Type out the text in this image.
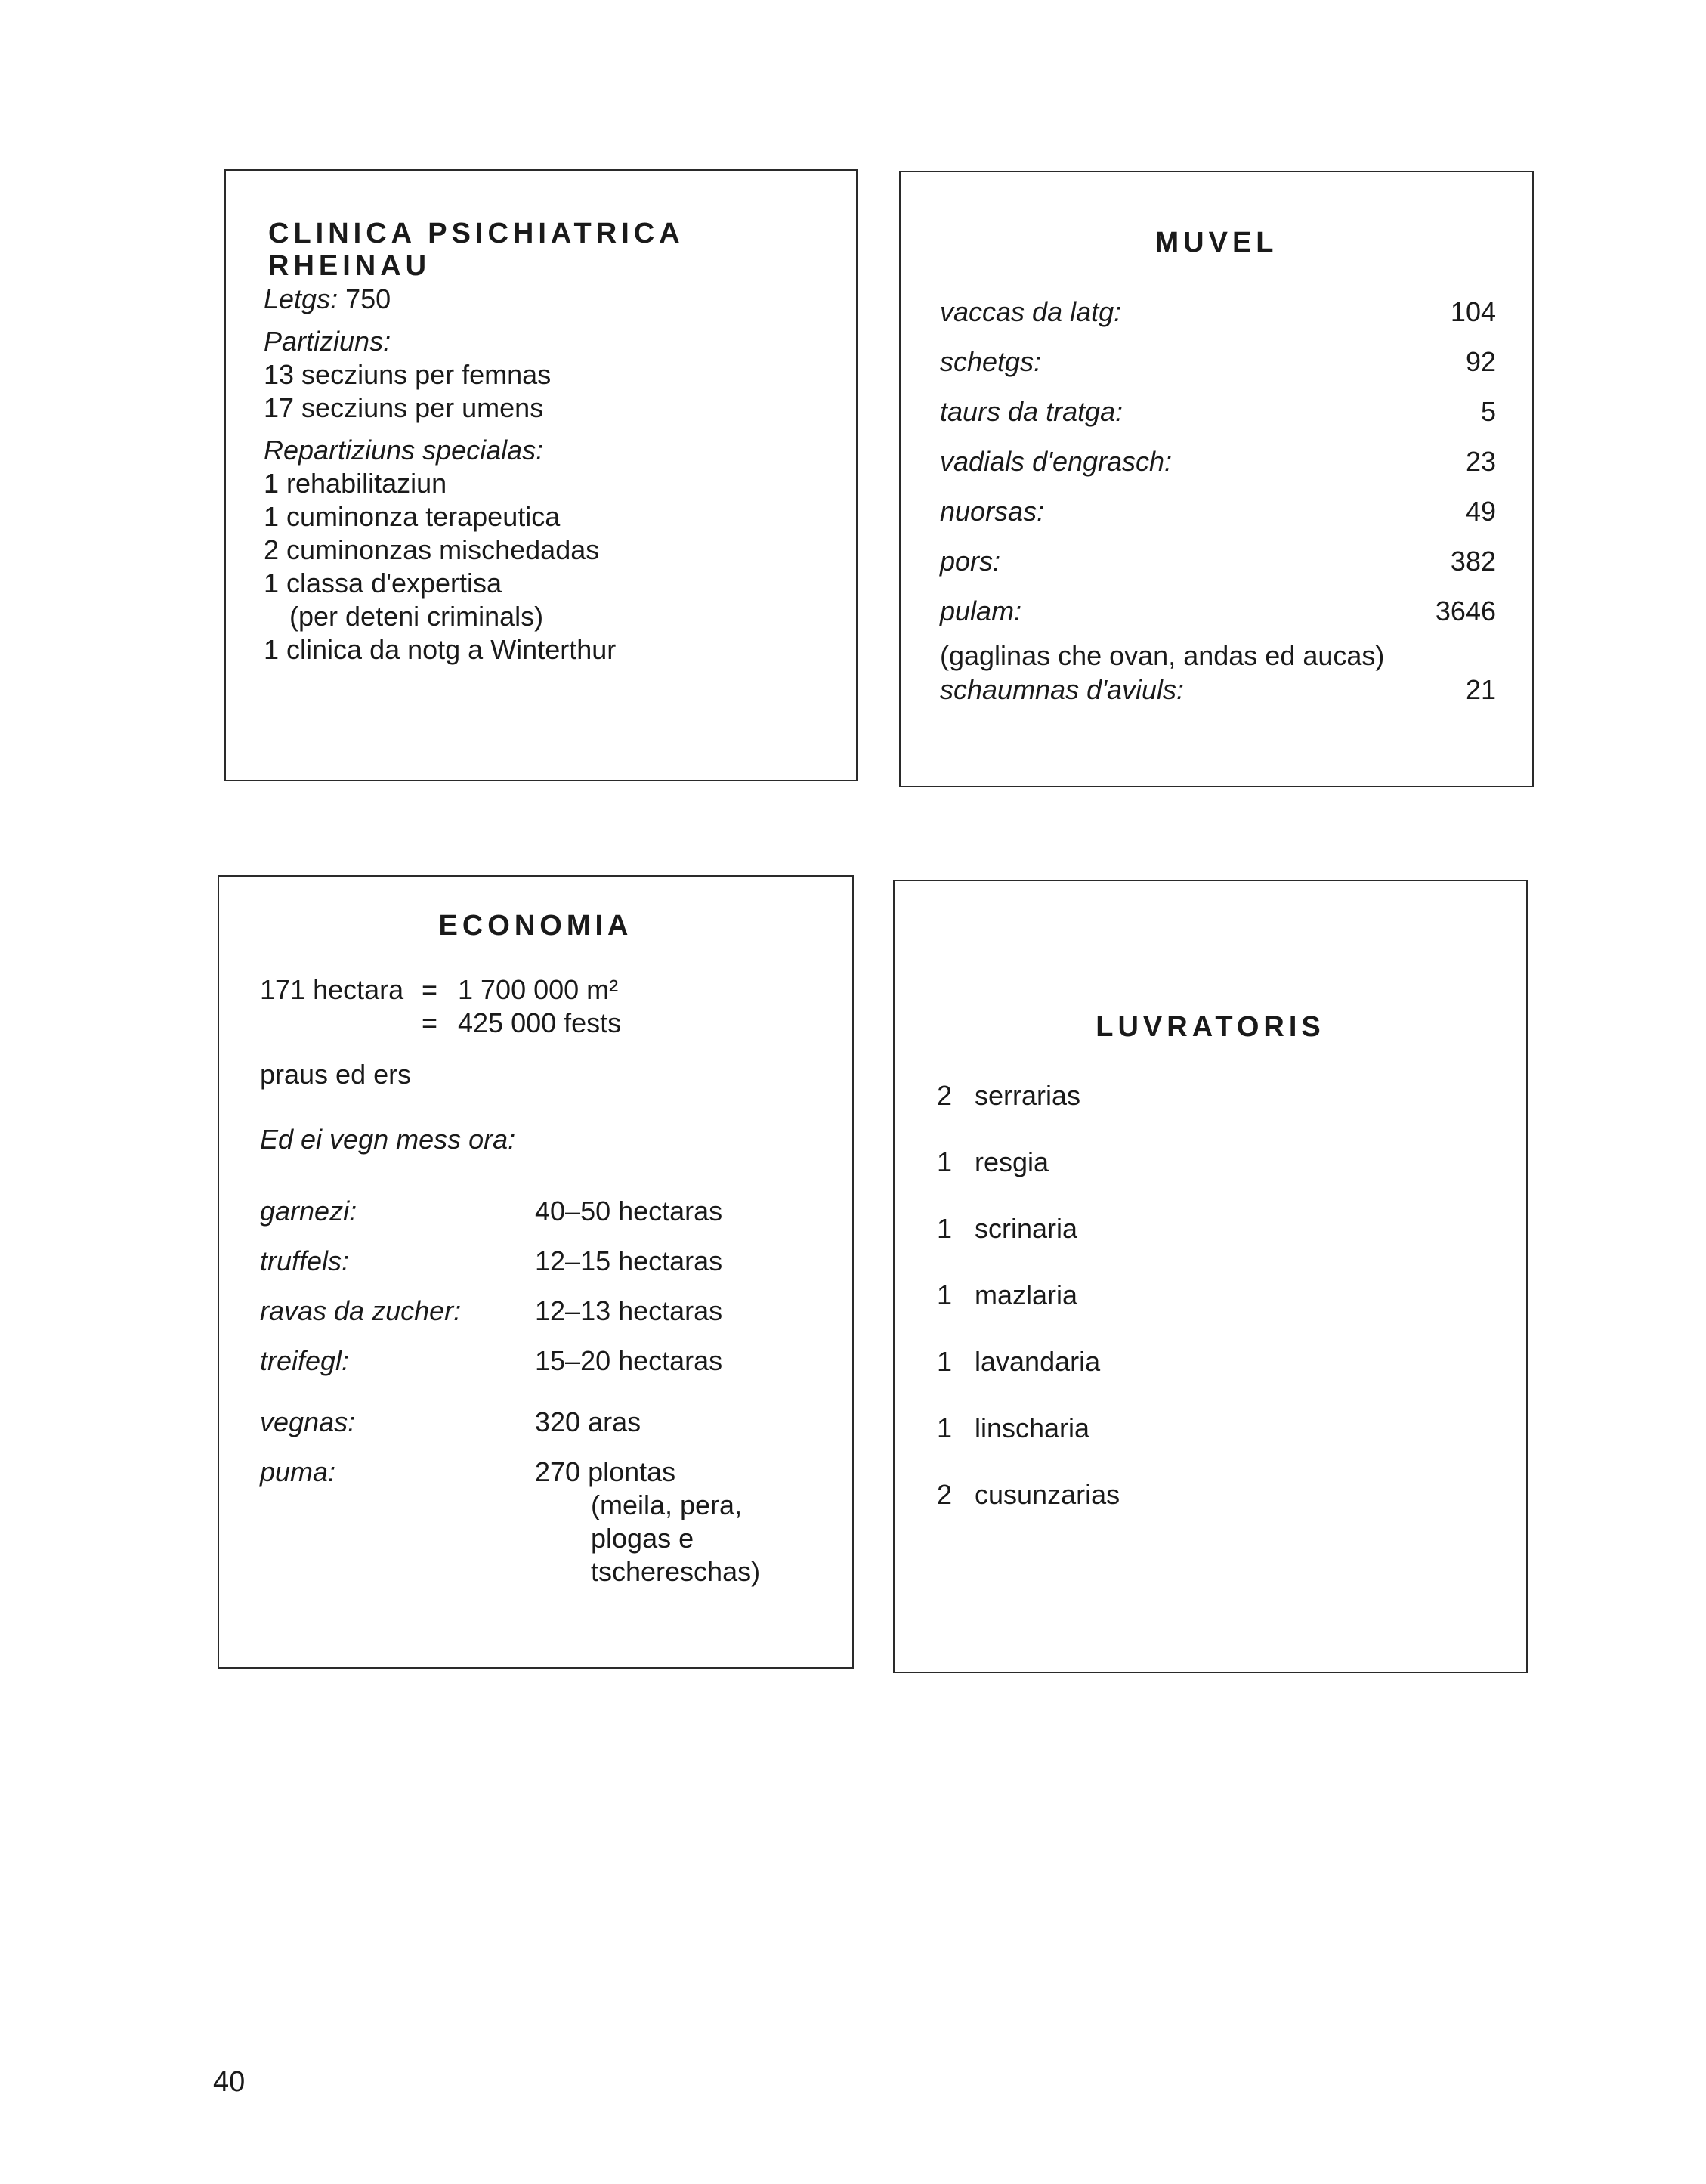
CLINICA PSICHIATRICA RHEINAU
Letgs: 750
Partiziuns:
13 secziuns per femnas
17 secziuns per umens
Repartiziuns specialas:
1 rehabilitaziun
1 cuminonza terapeutica
2 cuminonzas mischedadas
1 classa d'expertisa
(per deteni criminals)
1 clinica da notg a Winterthur
MUVEL
vaccas da latg:	104
schetgs:	92
taurs da tratga:	5
vadials d'engrasch:	23
nuorsas:	49
pors:	382
pulam:	3646
(gaglinas che ovan, andas ed aucas)
schaumnas d'aviuls:	21
ECONOMIA
171 hectara = 1 700 000 m²
= 425 000 fests
praus ed ers
Ed ei vegn mess ora:
garnezi:	40–50 hectaras
truffels:	12–15 hectaras
ravas da zucher:	12–13 hectaras
treifegl:	15–20 hectaras
vegnas:	320 aras
puma:	270 plontas
(meila, pera,
plogas e
tschereschas)
LUVRATORIS
2 serrarias
1 resgia
1 scrinaria
1 mazlaria
1 lavandaria
1 linscharia
2 cusunzarias
40
